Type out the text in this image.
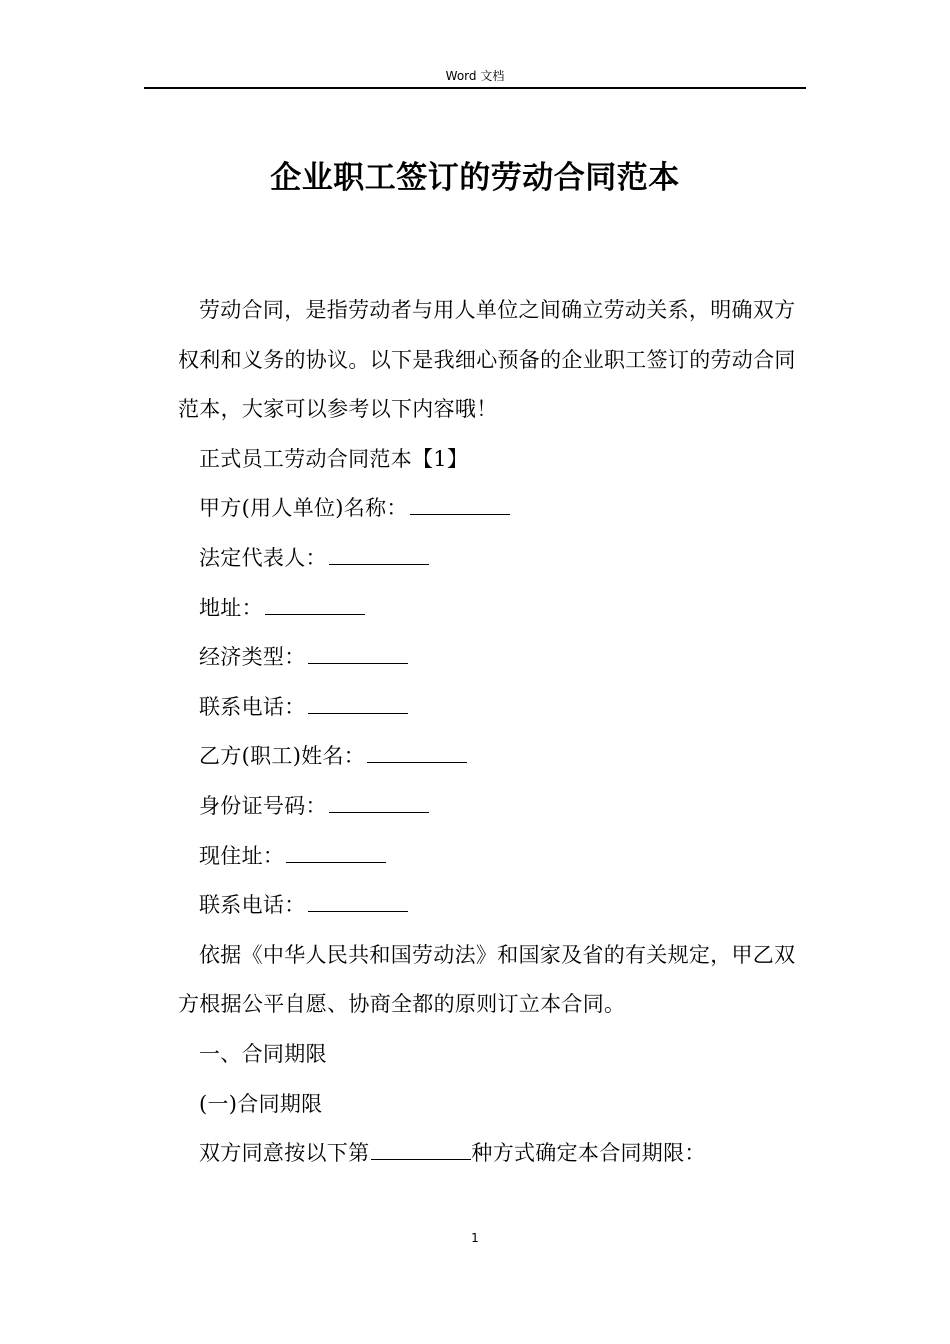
Word 文档
企业职工签订的劳动合同范本

劳动合同，是指劳动者与用人单位之间确立劳动关系，明确双方权利和义务的协议。以下是我细心预备的企业职工签订的劳动合同范本，大家可以参考以下内容哦！

正式员工劳动合同范本【1】

甲方(用人单位)名称：

法定代表人：

地址：

经济类型：

联系电话：

乙方(职工)姓名：

身份证号码：

现住址：

联系电话：

依据《中华人民共和国劳动法》和国家及省的有关规定，甲乙双方根据公平自愿、协商全都的原则订立本合同。

一、合同期限

(一)合同期限

双方同意按以下第	种方式确定本合同期限：

1
